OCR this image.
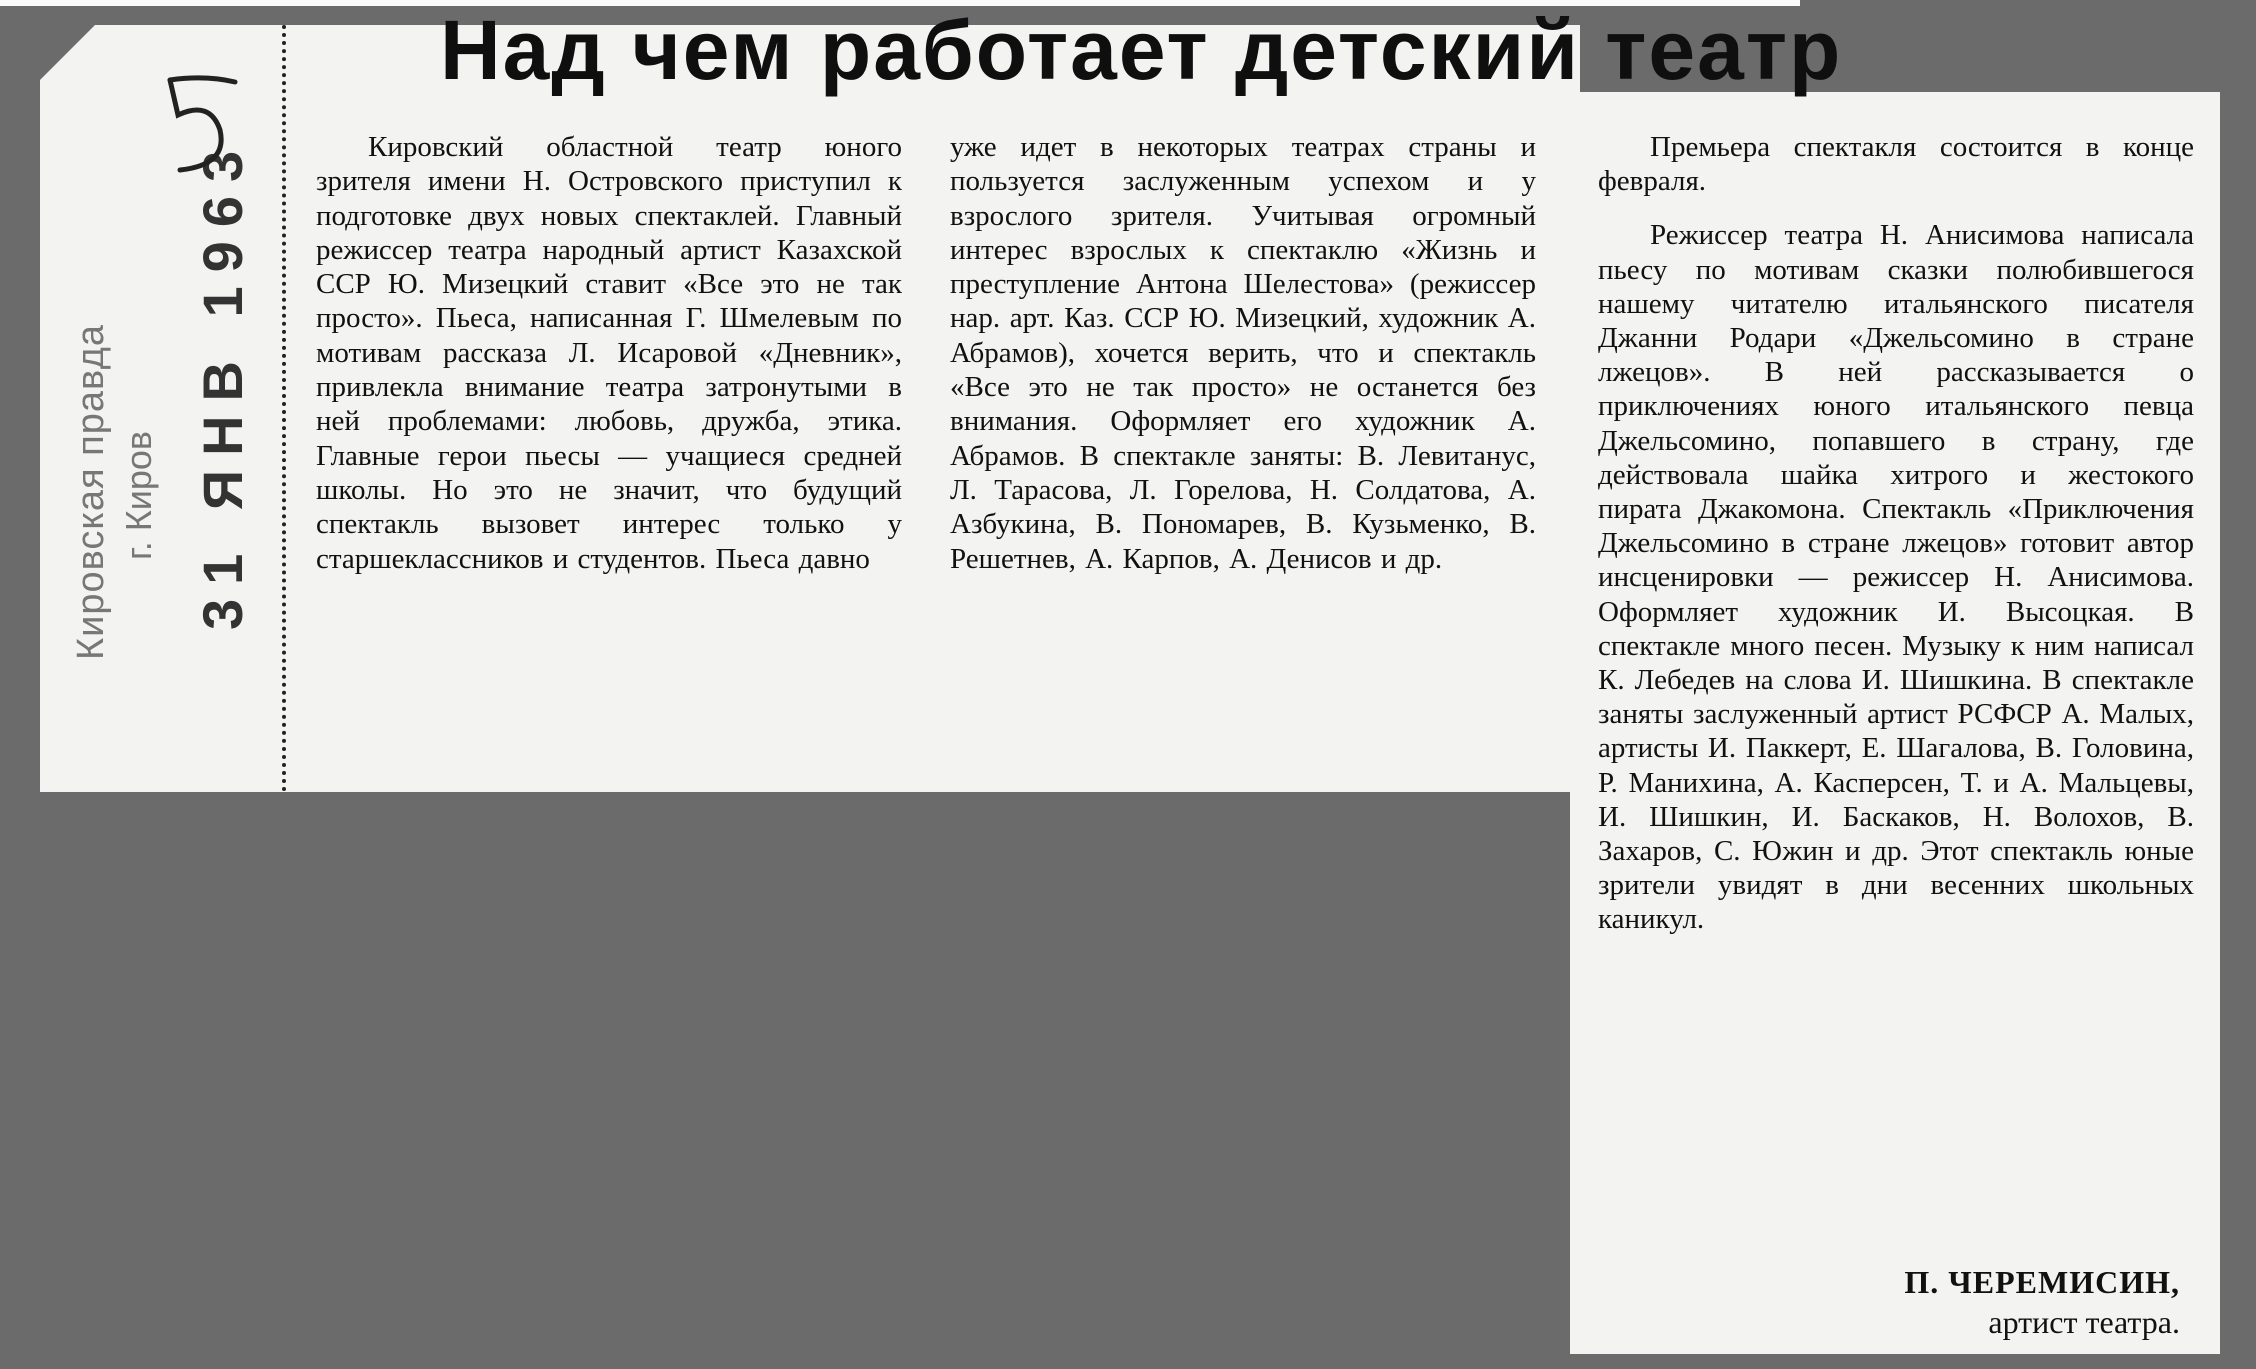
Кировская правда г. Киров 31 ЯНВ 1963
Над чем работает детский театр

Кировский областной театр юного зрителя имени Н. Островского приступил к подготовке двух новых спектаклей. Главный режиссер театра народный артист Казахской ССР Ю. Мизецкий ставит «Все это не так просто». Пьеса, написанная Г. Шмелевым по мотивам рассказа Л. Исаровой «Дневник», привлекла внимание театра затронутыми в ней проблемами: любовь, дружба, этика. Главные герои пьесы — учащиеся средней школы. Но это не значит, что будущий спектакль вызовет интерес только у старшеклассников и студентов. Пьеса давно

уже идет в некоторых театрах страны и пользуется заслуженным успехом и у взрослого зрителя. Учитывая огромный интерес взрослых к спектаклю «Жизнь и преступление Антона Шелестова» (режиссер нар. арт. Каз. ССР Ю. Мизецкий, художник А. Абрамов), хочется верить, что и спектакль «Все это не так просто» не останется без внимания. Оформляет его художник А. Абрамов. В спектакле заняты: В. Левитанус, Л. Тарасова, Л. Горелова, Н. Солдатова, А. Азбукина, В. Пономарев, В. Кузьменко, В. Решетнев, А. Карпов, А. Денисов и др.

Премьера спектакля состоится в конце февраля.

Режиссер театра Н. Анисимова написала пьесу по мотивам сказки полюбившегося нашему читателю итальянского писателя Джанни Родари «Джельсомино в стране лжецов». В ней рассказывается о приключениях юного итальянского певца Джельсомино, попавшего в страну, где действовала шайка хитрого и жестокого пирата Джакомона. Спектакль «Приключения Джельсомино в стране лжецов» готовит автор инсценировки — режиссер Н. Анисимова. Оформляет художник И. Высоцкая. В спектакле много песен. Музыку к ним написал К. Лебедев на слова И. Шишкина. В спектакле заняты заслуженный артист РСФСР А. Малых, артисты И. Паккерт, Е. Шагалова, В. Головина, Р. Манихина, А. Касперсен, Т. и А. Мальцевы, И. Шишкин, И. Баскаков, Н. Волохов, В. Захаров, С. Южин и др. Этот спектакль юные зрители увидят в дни весенних школьных каникул.

П. ЧЕРЕМИСИН,
артист театра.
